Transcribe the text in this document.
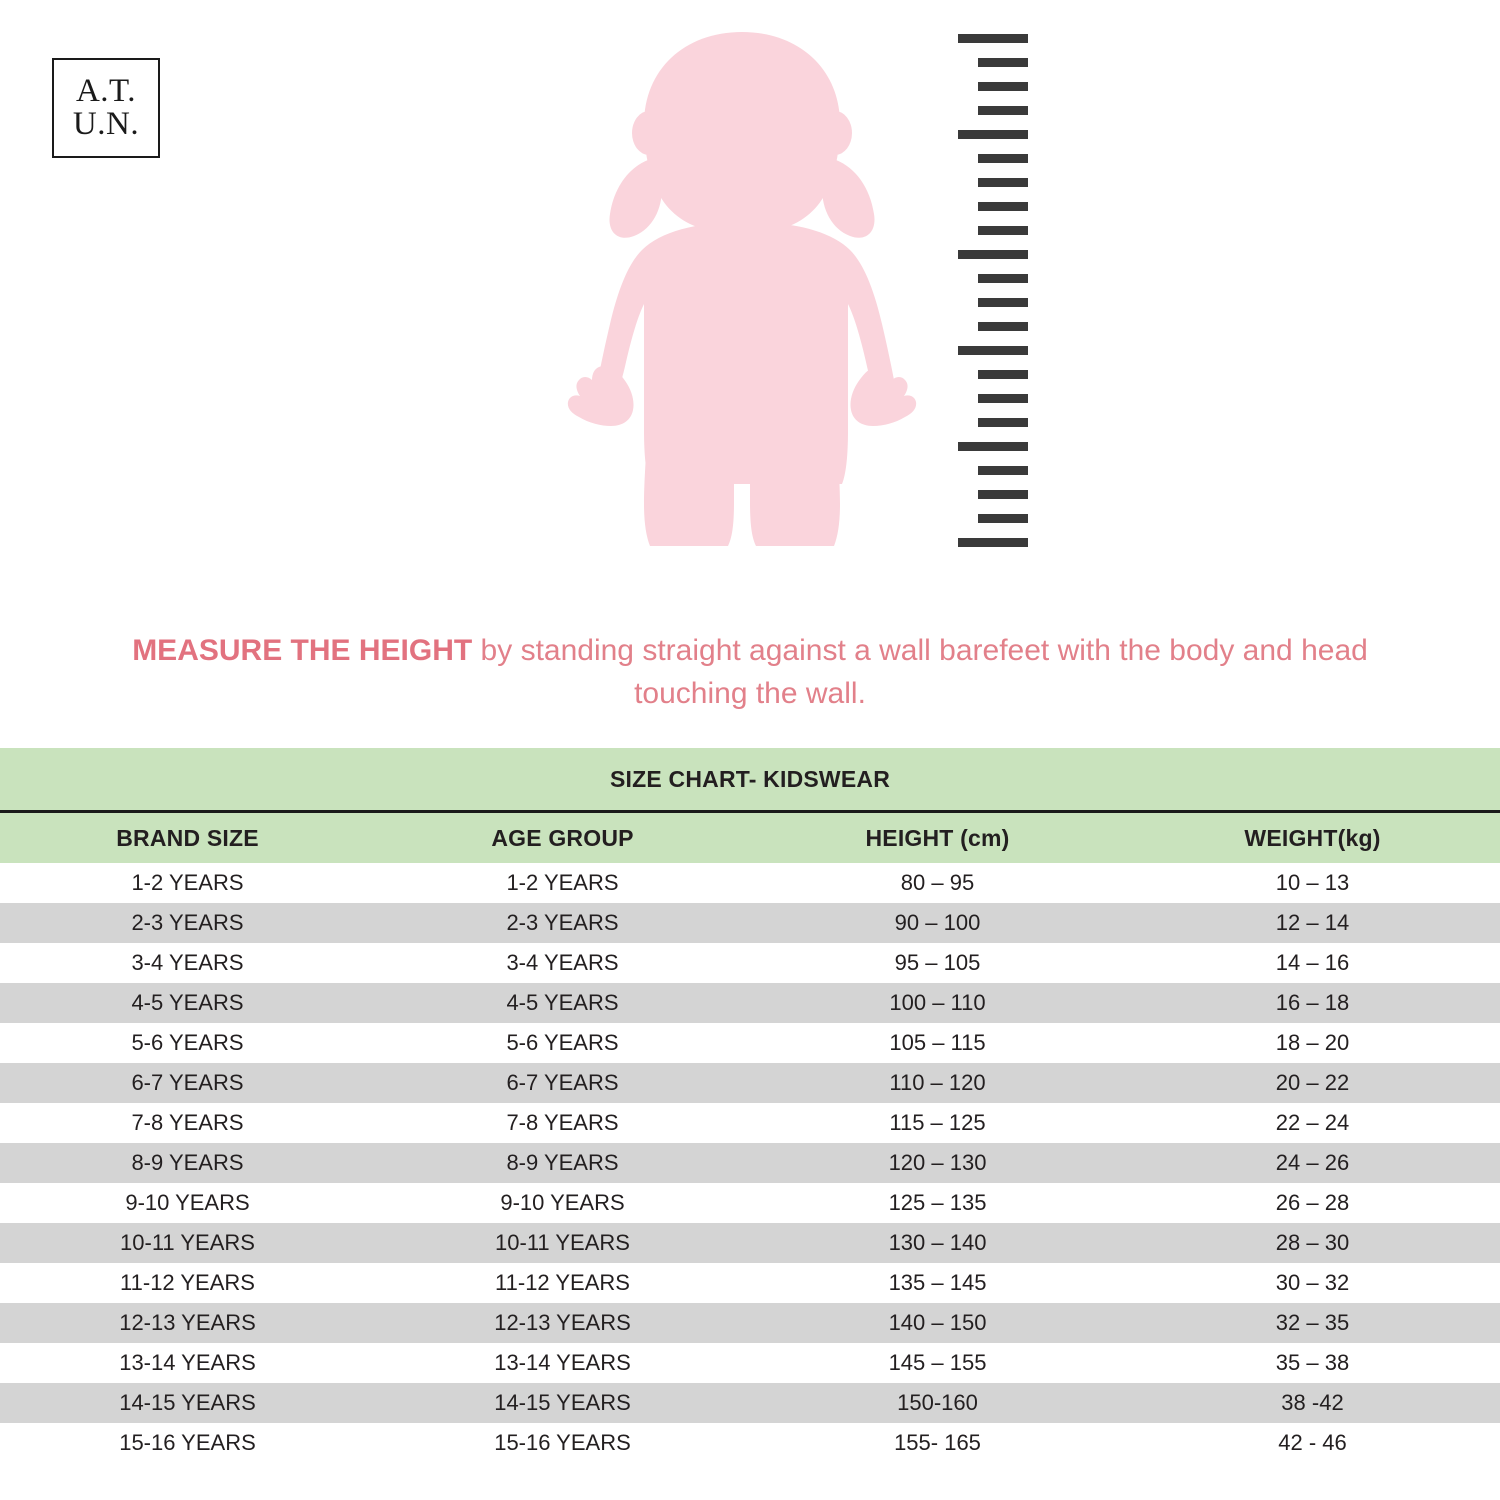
A.T.
U.N.
MEASURE THE HEIGHT by standing straight against a wall barefeet with the body and head touching the wall.
SIZE CHART- KIDSWEAR			
BRAND SIZE	AGE GROUP	HEIGHT (cm)	WEIGHT(kg)
1-2 YEARS	1-2 YEARS	80 – 95	10 – 13
2-3 YEARS	2-3 YEARS	90 – 100	12 – 14
3-4 YEARS	3-4 YEARS	95 – 105	14 – 16
4-5 YEARS	4-5 YEARS	100 – 110	16 – 18
5-6 YEARS	5-6 YEARS	105 – 115	18 – 20
6-7 YEARS	6-7 YEARS	110 – 120	20 – 22
7-8 YEARS	7-8 YEARS	115 – 125	22 – 24
8-9 YEARS	8-9 YEARS	120 – 130	24 – 26
9-10 YEARS	9-10 YEARS	125 – 135	26 – 28
10-11 YEARS	10-11 YEARS	130 – 140	28 – 30
11-12 YEARS	11-12 YEARS	135 – 145	30 – 32
12-13 YEARS	12-13 YEARS	140 – 150	32 – 35
13-14 YEARS	13-14 YEARS	145 – 155	35 – 38
14-15 YEARS	14-15 YEARS	150-160	38 -42
15-16 YEARS	15-16 YEARS	155- 165	42 - 46
